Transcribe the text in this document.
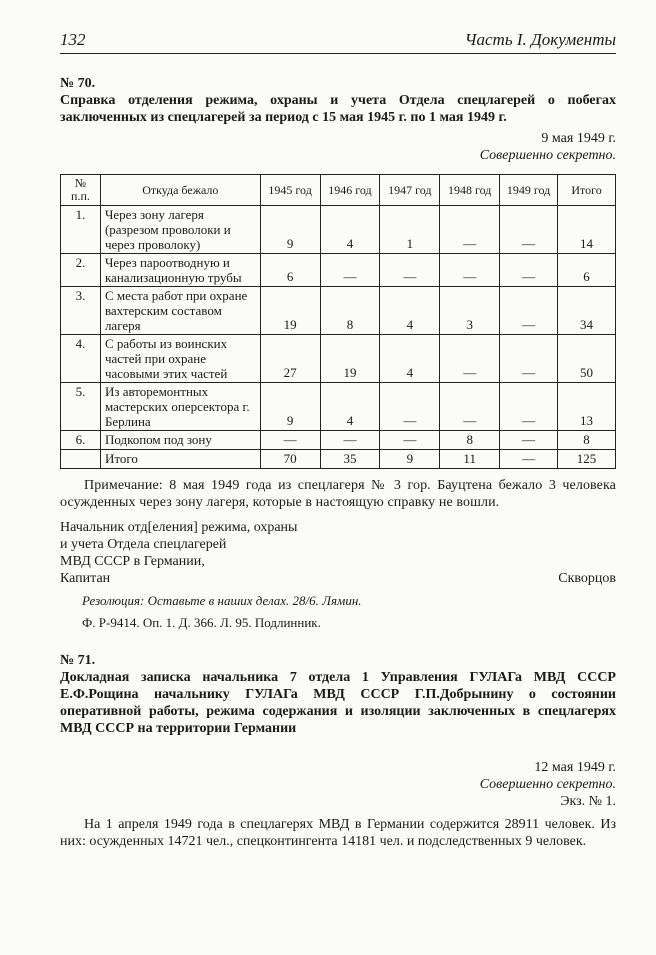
132	Часть I. Документы
№ 70.
Справка отделения режима, охраны и учета Отдела спецлагерей о побегах заключенных из спецлагерей за период с 15 мая 1945 г. по 1 мая 1949 г.
9 мая 1949 г.
Совершенно секретно.
№ п.п.	Откуда бежало	1945 год	1946 год	1947 год	1948 год	1949 год	Итого
1.	Через зону лагеря (разрезом проволоки и через проволоку)	9	4	1	—	—	14
2.	Через пароотводную и канализационную трубы	6	—	—	—	—	6
3.	С места работ при охране вахтерским составом лагеря	19	8	4	3	—	34
4.	С работы из воинских частей при охране часовыми этих частей	27	19	4	—	—	50
5.	Из авторемонтных мастерских оперсектора г. Берлина	9	4	—	—	—	13
6.	Подкопом под зону	—	—	—	8	—	8
	Итого	70	35	9	11	—	125
Примечание: 8 мая 1949 года из спецлагеря № 3 гор. Бауцтена бежало 3 человека осужденных через зону лагеря, которые в настоящую справку не вошли.
Начальник отд[еления] режима, охраны
и учета Отдела спецлагерей
МВД СССР в Германии,
Капитан	Скворцов
Резолюция: Оставьте в наших делах. 28/6. Лямин.
Ф. Р-9414. Оп. 1. Д. 366. Л. 95. Подлинник.
№ 71.
Докладная записка начальника 7 отдела 1 Управления ГУЛАГа МВД СССР Е.Ф.Рощина начальнику ГУЛАГа МВД СССР Г.П.Добрынину о состоянии оперативной работы, режима содержания и изоляции заключенных в спецлагерях МВД СССР на территории Германии
12 мая 1949 г.
Совершенно секретно.
Экз. № 1.
На 1 апреля 1949 года в спецлагерях МВД в Германии содержится 28911 человек. Из них: осужденных 14721 чел., спецконтингента 14181 чел. и подследственных 9 человек.
